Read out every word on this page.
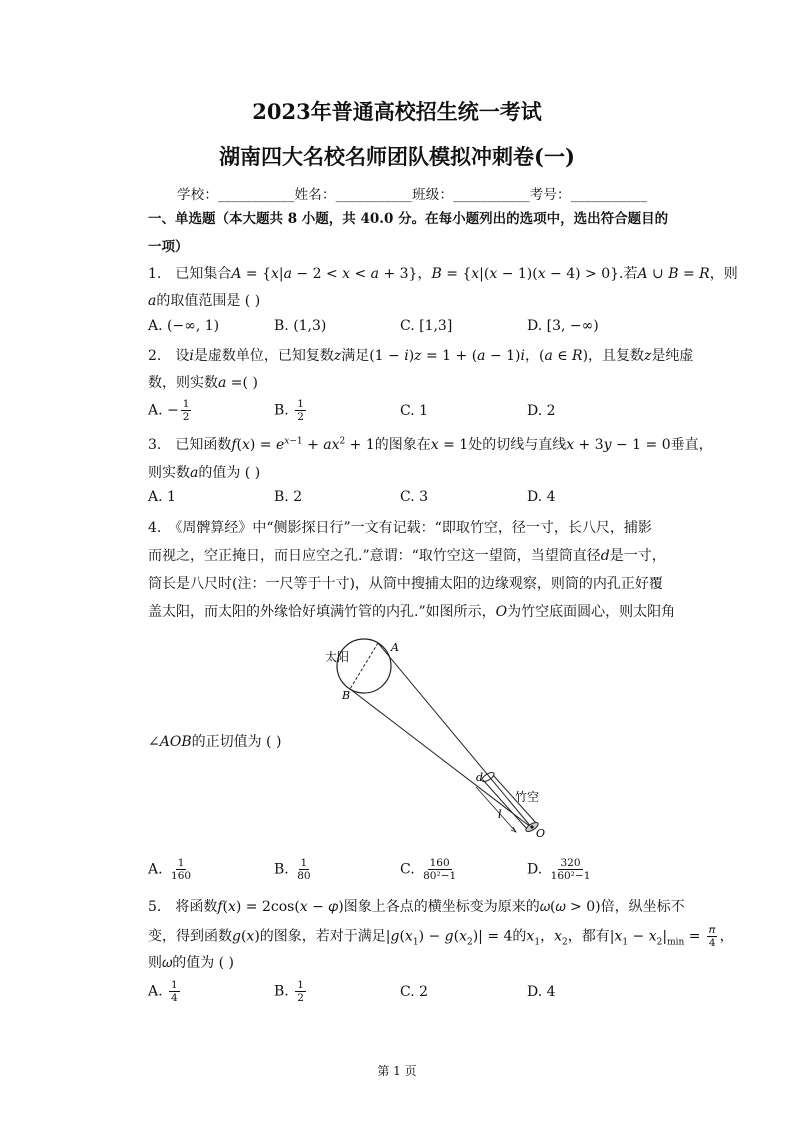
2023年普通高校招生统一考试
湖南四大名校名师团队模拟冲刺卷(一)
学校：___________姓名：___________班级：___________考号：___________
一、单选题（本大题共 8 小题，共 40.0 分。在每小题列出的选项中，选出符合题目的
一项）
1.　已知集合𝐴 = {𝑥|𝑎 − 2 < 𝑥 < 𝑎 + 3}，𝐵 = {𝑥|(𝑥 − 1)(𝑥 − 4) > 0}.若𝐴 ∪ 𝐵 = 𝑅，则
𝑎的取值范围是 ( )
A. (−∞, 1)	B. (1,3)	C. [1,3]	D. [3, −∞)
2.　设𝑖是虚数单位，已知复数𝑧满足(1 − 𝑖)𝑧 = 1 + (𝑎 − 1)𝑖，(𝑎 ∈ 𝑅)，且复数𝑧是纯虚
数，则实数𝑎 =( )
A. − $\frac{1}{2}$	B. $\frac{1}{2}$	C. 1	D. 2
3.　已知函数𝑓(𝑥) = 𝑒$^{𝑥-1}$ + 𝑎𝑥$^2$ + 1的图象在𝑥 = 1处的切线与直线𝑥 + 3𝑦 − 1 = 0垂直，
则实数𝑎的值为 ( )
A. 1	B. 2	C. 3	D. 4
4.　《周髀算经》中“侧影探日行”一文有记载：“即取竹空，径一寸，长八尺，捕影
而视之，空正掩日，而日应空之孔.”意谓：“取竹空这一望筒，当望筒直径𝑑是一寸，
筒长是八尺时(注：一尺等于十寸)，从筒中搜捕太阳的边缘观察，则筒的内孔正好覆
盖太阳，而太阳的外缘恰好填满竹管的内孔.”如图所示，𝑂为竹空底面圆心，则太阳角
∠𝐴𝑂𝐵的正切值为 ( )
太阳
A
B
d
竹空
l
O
A. $\frac{1}{160}$	B. $\frac{1}{80}$	C. $\frac{160}{\text{80²−1}}$	D. $\frac{320}{\text{160²−1}}$
5.　将函数𝑓(𝑥) = 2cos(𝑥 − 𝜑)图象上各点的横坐标变为原来的𝜔(𝜔 > 0)倍，纵坐标不
变，得到函数𝑔(𝑥)的图象，若对于满足|𝑔(𝑥$_1$) − 𝑔(𝑥$_2$)| = 4的𝑥$_1$，𝑥$_2$，都有|𝑥$_1$ − $𝑥_2|_{min} = \frac{\text{𝜋}}{4}$ ，
则𝜔的值为 ( )
A. $\frac{1}{4}$	B. $\frac{1}{2}$	C. 2	D. 4
第 1 页
